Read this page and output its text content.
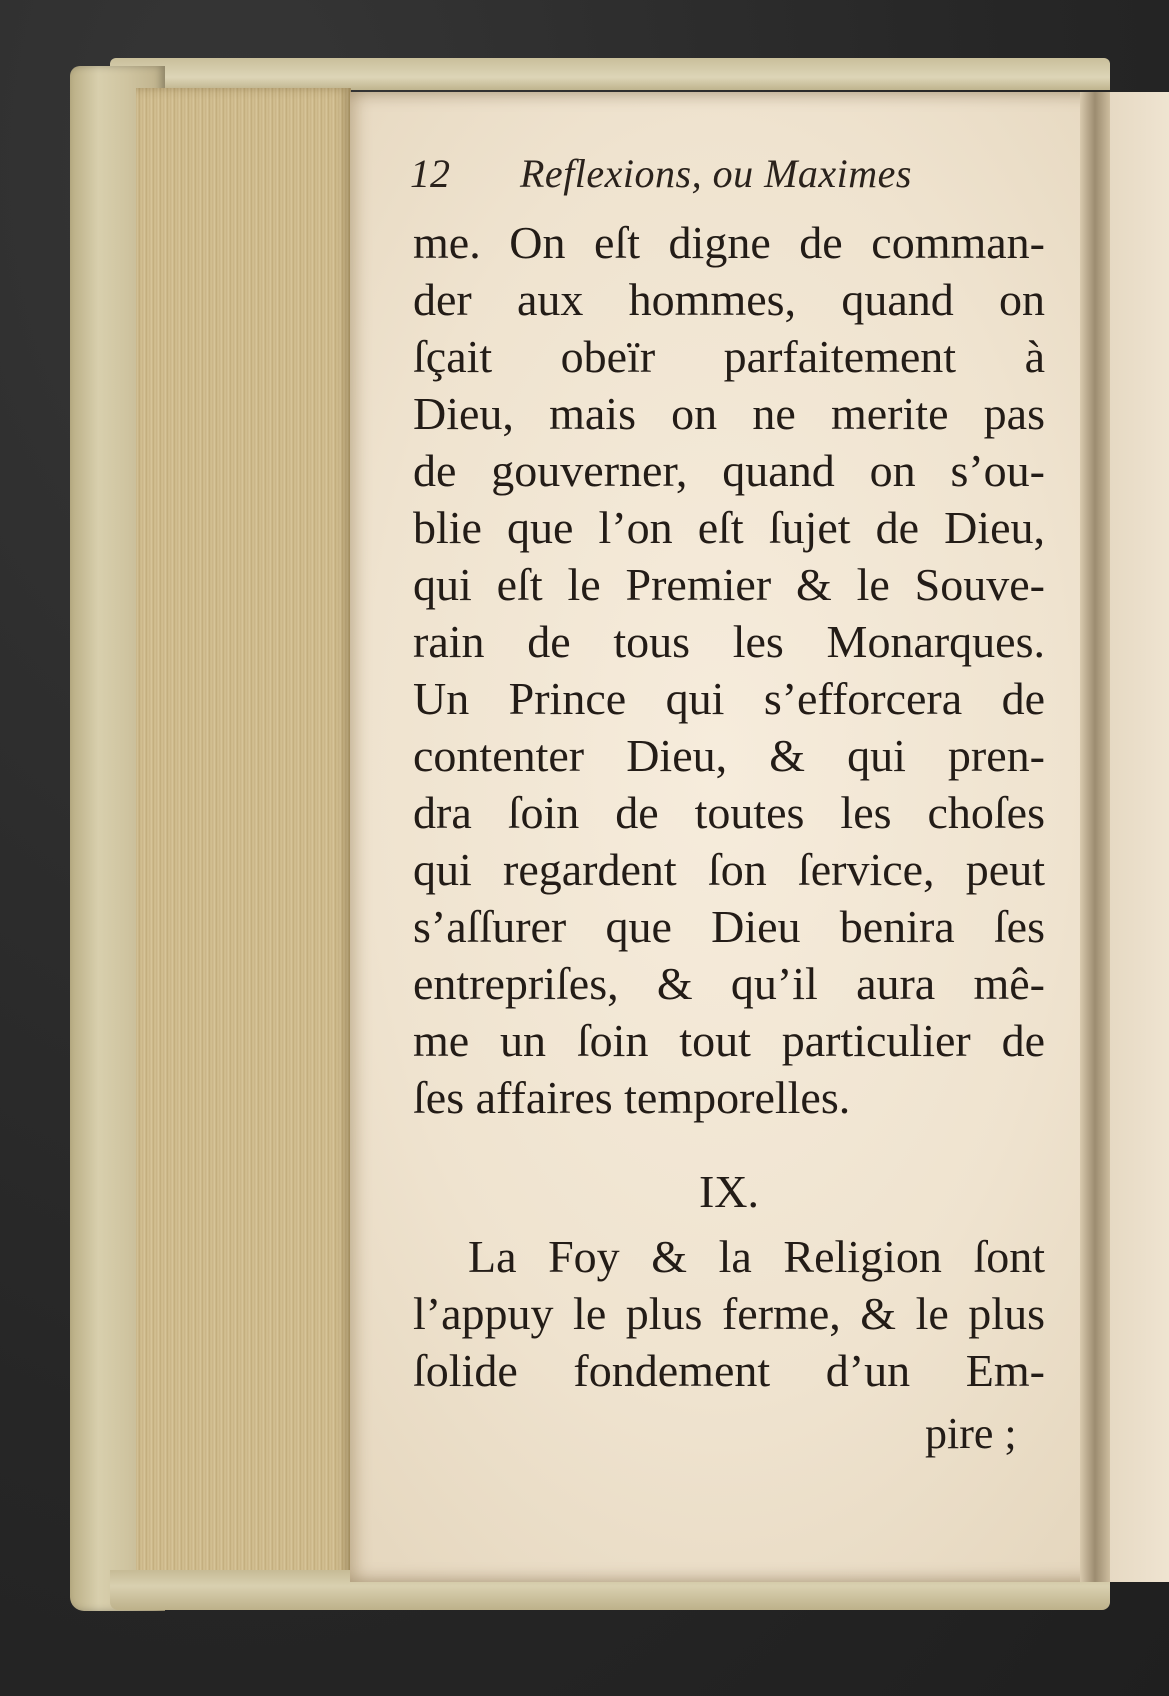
12 Reflexions, ou Maximes
me. On eſt digne de comman-
der aux hommes, quand on
ſçait obeïr parfaitement à
Dieu, mais on ne merite pas
de gouverner, quand on s’ou-
blie que l’on eſt ſujet de Dieu,
qui eſt le Premier & le Souve-
rain de tous les Monarques.
Un Prince qui s’efforcera de
contenter Dieu, & qui pren-
dra ſoin de toutes les choſes
qui regardent ſon ſervice, peut
s’aſſurer que Dieu benira ſes
entrepriſes, & qu’il aura mê-
me un ſoin tout particulier de
ſes affaires temporelles.
IX.
La Foy & la Religion ſont
l’appuy le plus ferme, & le plus
ſolide fondement d’un Em-
pire ;
